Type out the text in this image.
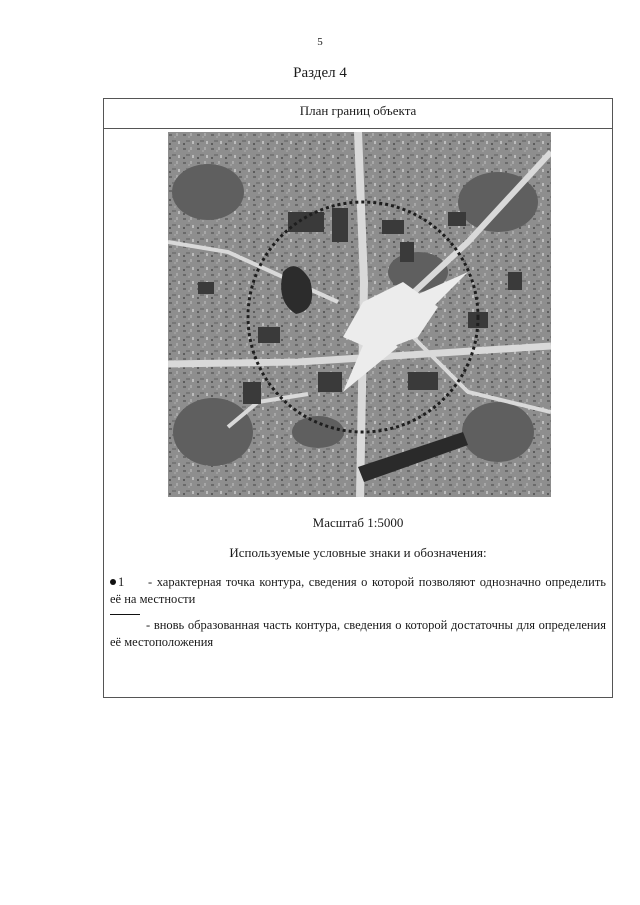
5
Раздел 4
План границ объекта
Масштаб 1:5000
Используемые условные знаки и обозначения:
1 - характерная точка контура, сведения о которой позволяют однозначно определить её на местности
- вновь образованная часть контура, сведения о которой достаточны для определения её местоположения
